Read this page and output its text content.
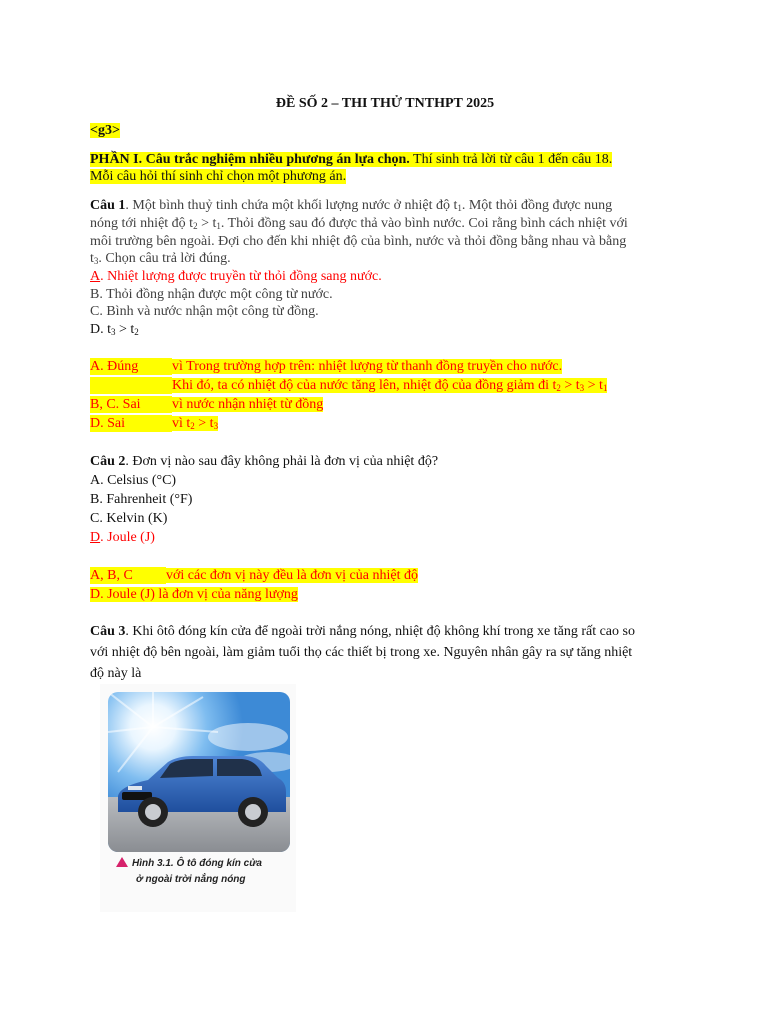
ĐỀ SỐ 2 – THI THỬ TNTHPT 2025
<g3>
PHẦN I. Câu trắc nghiệm nhiều phương án lựa chọn. Thí sinh trả lời từ câu 1 đến câu 18.
Mỗi câu hỏi thí sinh chỉ chọn một phương án.
Câu 1. Một bình thuỷ tinh chứa một khối lượng nước ở nhiệt độ $t_1$. Một thỏi đồng được nung
nóng tới nhiệt độ $t_2 > t_1$. Thỏi đồng sau đó được thả vào bình nước. Coi rằng bình cách nhiệt với
môi trường bên ngoài. Đợi cho đến khi nhiệt độ của bình, nước và thỏi đồng bằng nhau và bằng
$t_3$. Chọn câu trả lời đúng.
A. Nhiệt lượng được truyền từ thỏi đồng sang nước.
B. Thỏi đồng nhận được một công từ nước.
C. Bình và nước nhận một công từ đồng.
D. $t_3 > t_2$
A. Đúng vì Trong trường hợp trên: nhiệt lượng từ thanh đồng truyền cho nước.
Khi đó, ta có nhiệt độ của nước tăng lên, nhiệt độ của đồng giảm đi $t_2 > t_3 > t_1$
B, C. Sai vì nước nhận nhiệt từ đồng
D. Sai	vì $t_2 > t_3$
Câu 2. Đơn vị nào sau đây không phải là đơn vị của nhiệt độ?
A. Celsius (°C)
B. Fahrenheit (°F)
C. Kelvin (K)
D. Joule (J)
A, B, C với các đơn vị này đều là đơn vị của nhiệt độ
D. Joule (J) là đơn vị của năng lượng
Câu 3. Khi ôtô đóng kín cửa để ngoài trời nắng nóng, nhiệt độ không khí trong xe tăng rất cao so
với nhiệt độ bên ngoài, làm giảm tuổi thọ các thiết bị trong xe. Nguyên nhân gây ra sự tăng nhiệt
độ này là
Hình 3.1. Ô tô đóng kín cửa
ở ngoài trời nắng nóng
